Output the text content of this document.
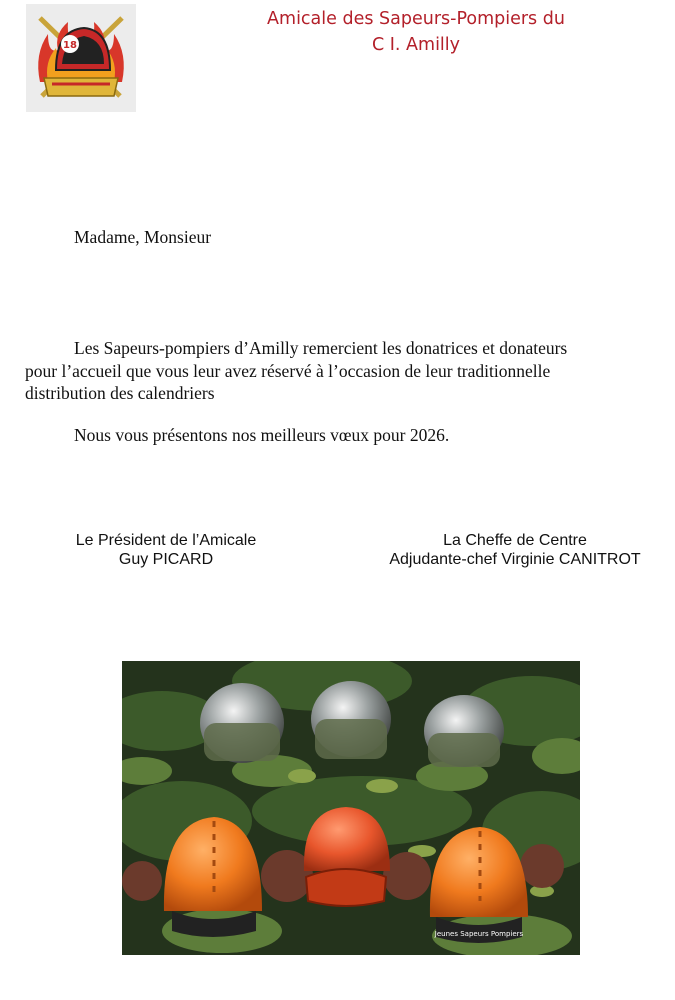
18
Amicale des Sapeurs-Pompiers du
C I. Amilly
Madame, Monsieur
Les Sapeurs-pompiers d’Amilly remercient les donatrices et donateurs
pour l’accueil que vous leur avez réservé à l’occasion de leur traditionnelle
distribution des calendriers
Nous vous présentons nos meilleurs vœux pour 2026.
Le Président de l’Amicale
Guy PICARD
La Cheffe de Centre
Adjudante-chef Virginie CANITROT
Jeunes Sapeurs Pompiers
